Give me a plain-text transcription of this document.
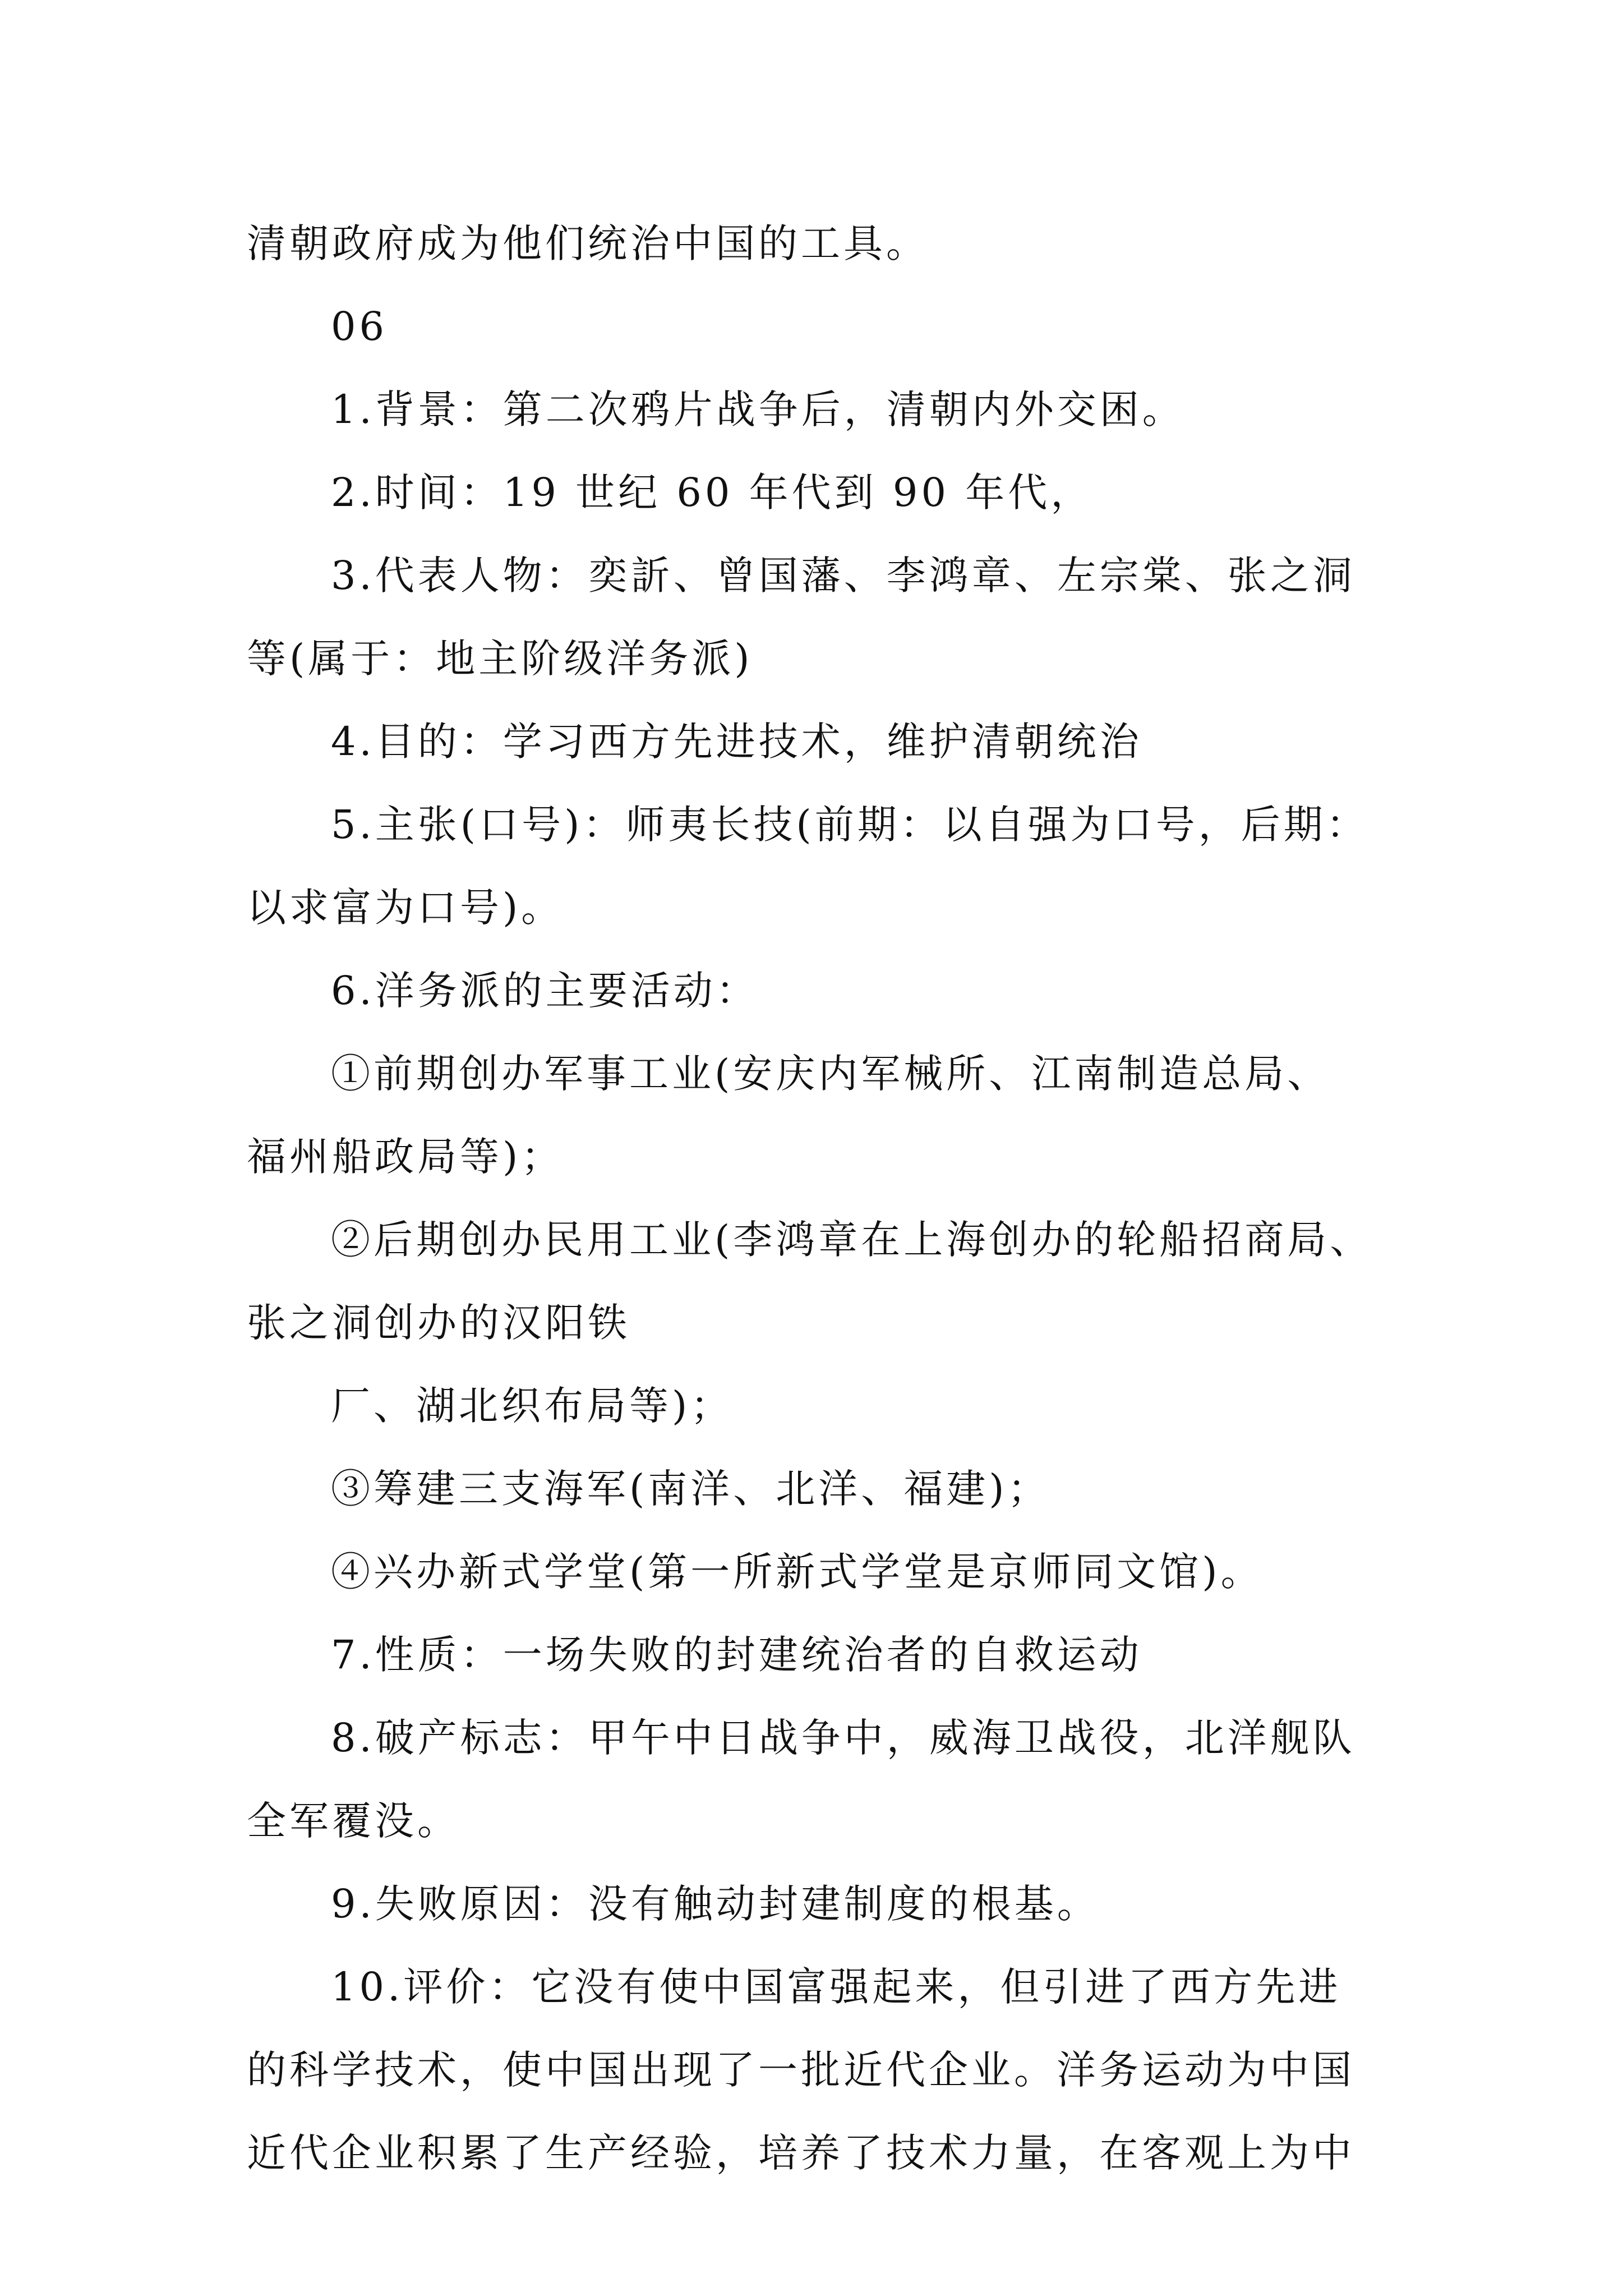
清朝政府成为他们统治中国的工具。
06
1.背景：第二次鸦片战争后，清朝内外交困。
2.时间：19 世纪 60 年代到 90 年代，
3.代表人物：奕訢、曾国藩、李鸿章、左宗棠、张之洞
等(属于：地主阶级洋务派)
4.目的：学习西方先进技术，维护清朝统治
5.主张(口号)：师夷长技(前期：以自强为口号，后期：
以求富为口号)。
6.洋务派的主要活动：
①前期创办军事工业(安庆内军械所、江南制造总局、
福州船政局等)；
②后期创办民用工业(李鸿章在上海创办的轮船招商局、
张之洞创办的汉阳铁
厂、湖北织布局等)；
③筹建三支海军(南洋、北洋、福建)；
④兴办新式学堂(第一所新式学堂是京师同文馆)。
7.性质：一场失败的封建统治者的自救运动
8.破产标志：甲午中日战争中，威海卫战役，北洋舰队
全军覆没。
9.失败原因：没有触动封建制度的根基。
10.评价：它没有使中国富强起来，但引进了西方先进
的科学技术，使中国出现了一批近代企业。洋务运动为中国
近代企业积累了生产经验，培养了技术力量，在客观上为中
